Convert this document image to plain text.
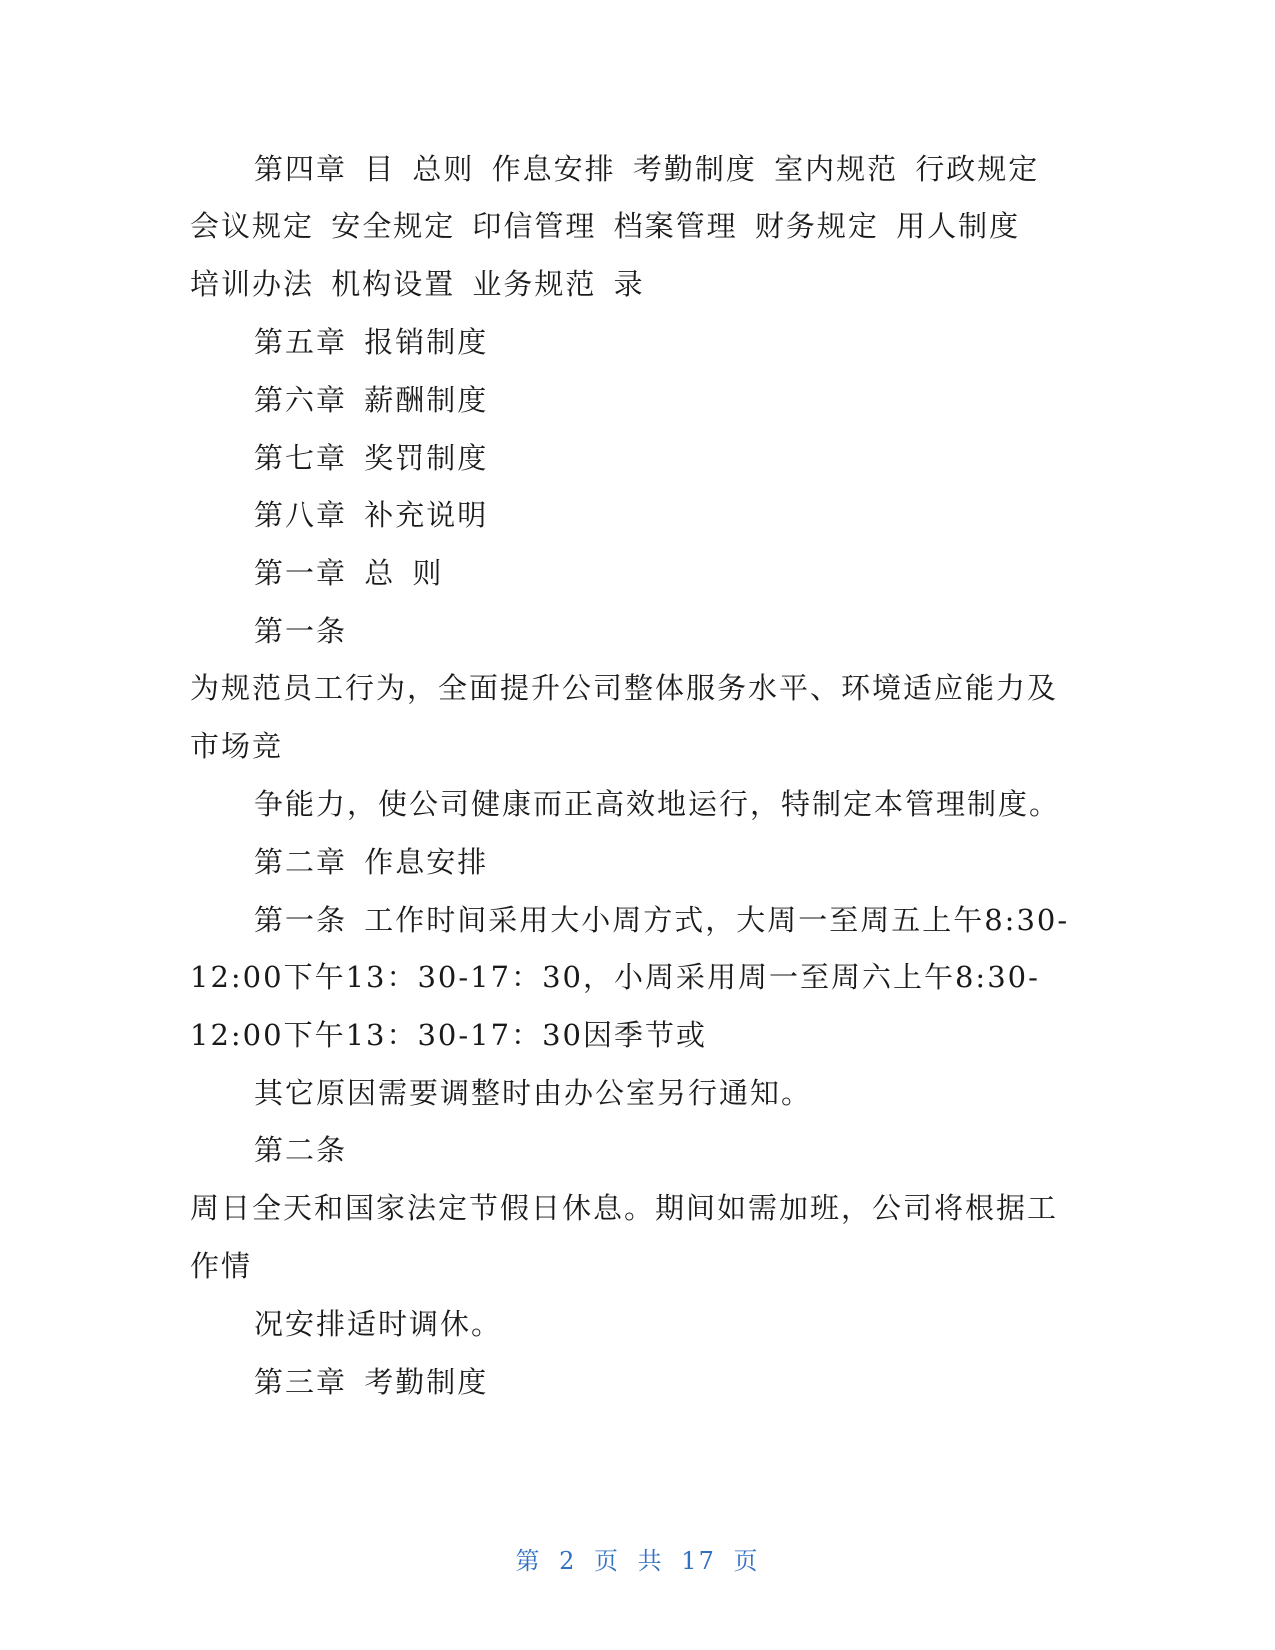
第四章 目 总则 作息安排 考勤制度 室内规范 行政规定
会议规定 安全规定 印信管理 档案管理 财务规定 用人制度
培训办法 机构设置 业务规范 录
第五章 报销制度
第六章 薪酬制度
第七章 奖罚制度
第八章 补充说明
第一章 总 则
第一条
为规范员工行为，全面提升公司整体服务水平、环境适应能力及
市场竞
争能力，使公司健康而正高效地运行，特制定本管理制度。
第二章 作息安排
第一条 工作时间采用大小周方式，大周一至周五上午8:30-
12:00下午13：30-17：30，小周采用周一至周六上午8:30-
12:00下午13：30-17：30因季节或
其它原因需要调整时由办公室另行通知。
第二条
周日全天和国家法定节假日休息。期间如需加班，公司将根据工
作情
况安排适时调休。
第三章 考勤制度
第 2 页 共 17 页
